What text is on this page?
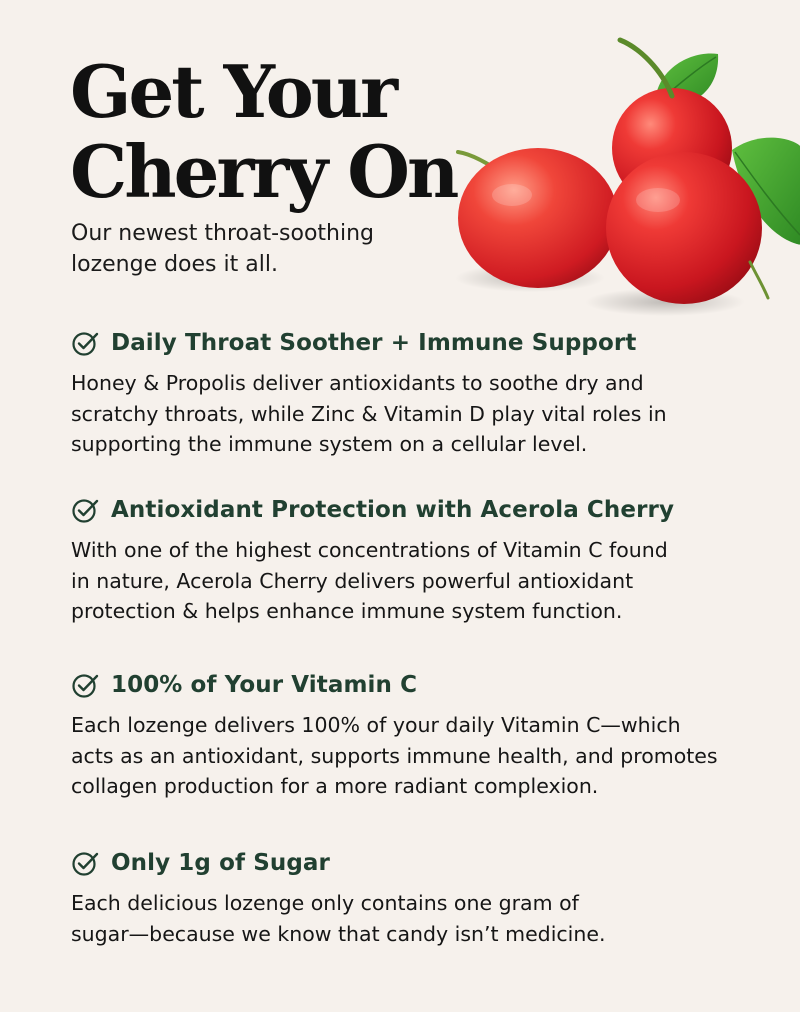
Get Your
Cherry On

Our newest throat-soothing
lozenge does it all.

Daily Throat Soother + Immune Support

Honey & Propolis deliver antioxidants to soothe dry and
scratchy throats, while Zinc & Vitamin D play vital roles in
supporting the immune system on a cellular level.

Antioxidant Protection with Acerola Cherry

With one of the highest concentrations of Vitamin C found
in nature, Acerola Cherry delivers powerful antioxidant
protection & helps enhance immune system function.

100% of Your Vitamin C

Each lozenge delivers 100% of your daily Vitamin C—which
acts as an antioxidant, supports immune health, and promotes
collagen production for a more radiant complexion.

Only 1g of Sugar

Each delicious lozenge only contains one gram of
sugar—because we know that candy isn’t medicine.
